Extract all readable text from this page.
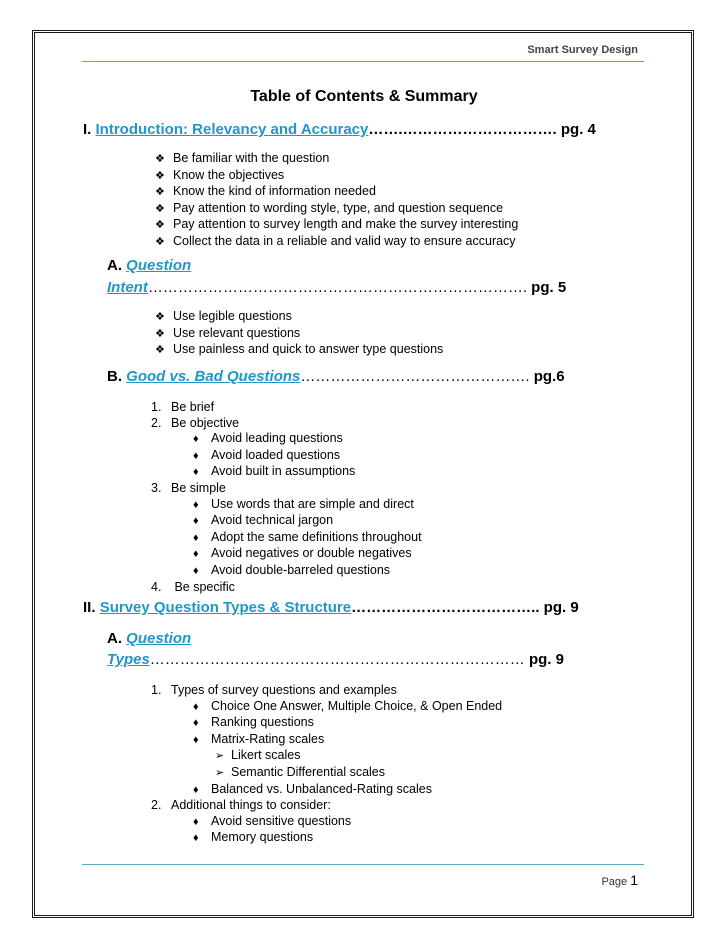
Smart Survey Design
Table of Contents & Summary
I. Introduction: Relevancy and Accuracy…….…………………………. pg. 4
❖ Be familiar with the question
❖ Know the objectives
❖ Know the kind of information needed
❖ Pay attention to wording style, type, and question sequence
❖ Pay attention to survey length and make the survey interesting
❖ Collect the data in a reliable and valid way to ensure accuracy
A. Question
Intent…………………………………………………………………. pg. 5
❖ Use legible questions
❖ Use relevant questions
❖ Use painless and quick to answer type questions
B. Good vs. Bad Questions………………………………………. pg.6
1. Be brief
2. Be objective
♦ Avoid leading questions
♦ Avoid loaded questions
♦ Avoid built in assumptions
3. Be simple
♦ Use words that are simple and direct
♦ Avoid technical jargon
♦ Adopt the same definitions throughout
♦ Avoid negatives or double negatives
♦ Avoid double-barreled questions
4. Be specific
II. Survey Question Types & Structure……………………………….. pg. 9
A. Question
Types………………………………………………………………… pg. 9
1. Types of survey questions and examples
♦ Choice One Answer, Multiple Choice, & Open Ended
♦ Ranking questions
♦ Matrix-Rating scales
➢ Likert scales
➢ Semantic Differential scales
♦ Balanced vs. Unbalanced-Rating scales
2. Additional things to consider:
♦ Avoid sensitive questions
♦ Memory questions
Page 1
